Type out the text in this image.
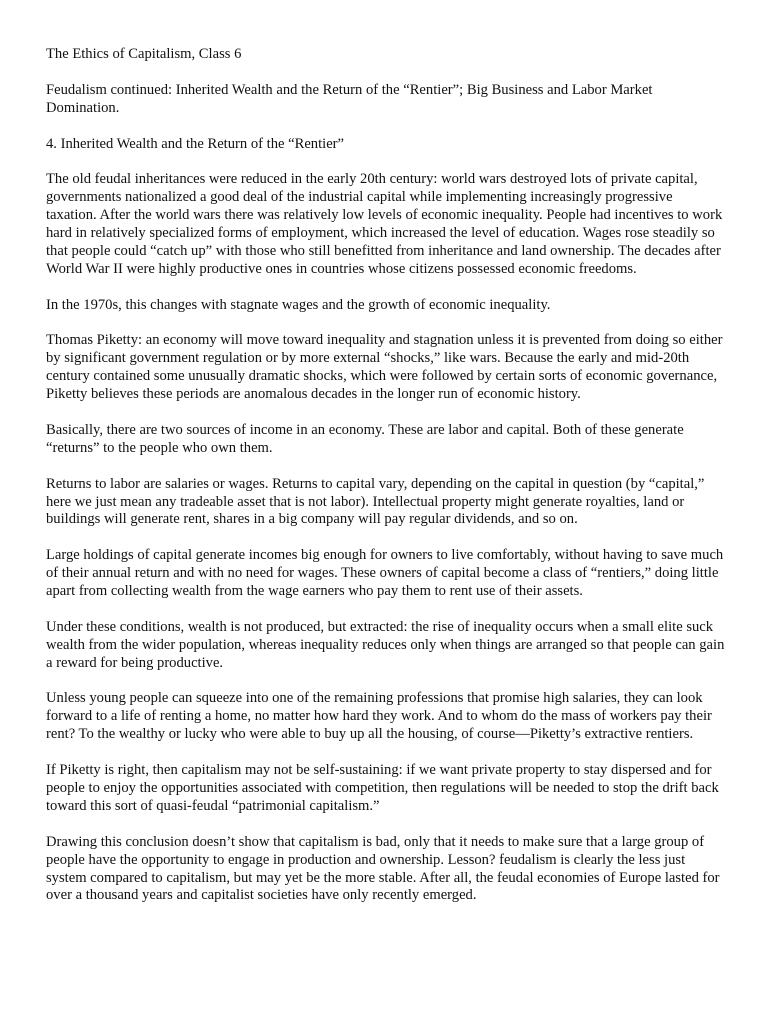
The Ethics of Capitalism, Class 6

Feudalism continued: Inherited Wealth and the Return of the “Rentier”; Big Business and Labor Market Domination.

4. Inherited Wealth and the Return of the “Rentier”

The old feudal inheritances were reduced in the early 20th century: world wars destroyed lots of private capital, governments nationalized a good deal of the industrial capital while implementing increasingly progressive taxation. After the world wars there was relatively low levels of economic inequality. People had incentives to work hard in relatively specialized forms of employment, which increased the level of education. Wages rose steadily so that people could “catch up” with those who still benefitted from inheritance and land ownership. The decades after World War II were highly productive ones in countries whose citizens possessed economic freedoms.

In the 1970s, this changes with stagnate wages and the growth of economic inequality.

Thomas Piketty: an economy will move toward inequality and stagnation unless it is prevented from doing so either by significant government regulation or by more external “shocks,” like wars. Because the early and mid-20th century contained some unusually dramatic shocks, which were followed by certain sorts of economic governance, Piketty believes these periods are anomalous decades in the longer run of economic history.

Basically, there are two sources of income in an economy. These are labor and capital. Both of these generate “returns” to the people who own them.

Returns to labor are salaries or wages. Returns to capital vary, depending on the capital in question (by “capital,” here we just mean any tradeable asset that is not labor). Intellectual property might generate royalties, land or buildings will generate rent, shares in a big company will pay regular dividends, and so on.

Large holdings of capital generate incomes big enough for owners to live comfortably, without having to save much of their annual return and with no need for wages. These owners of capital become a class of “rentiers,” doing little apart from collecting wealth from the wage earners who pay them to rent use of their assets.

Under these conditions, wealth is not produced, but extracted: the rise of inequality occurs when a small elite suck wealth from the wider population, whereas inequality reduces only when things are arranged so that people can gain a reward for being productive.

Unless young people can squeeze into one of the remaining professions that promise high salaries, they can look forward to a life of renting a home, no matter how hard they work. And to whom do the mass of workers pay their rent? To the wealthy or lucky who were able to buy up all the housing, of course—Piketty’s extractive rentiers.

If Piketty is right, then capitalism may not be self-sustaining: if we want private property to stay dispersed and for people to enjoy the opportunities associated with competition, then regulations will be needed to stop the drift back toward this sort of quasi-feudal “patrimonial capitalism.”

Drawing this conclusion doesn’t show that capitalism is bad, only that it needs to make sure that a large group of people have the opportunity to engage in production and ownership. Lesson? feudalism is clearly the less just system compared to capitalism, but may yet be the more stable. After all, the feudal economies of Europe lasted for over a thousand years and capitalist societies have only recently emerged.
